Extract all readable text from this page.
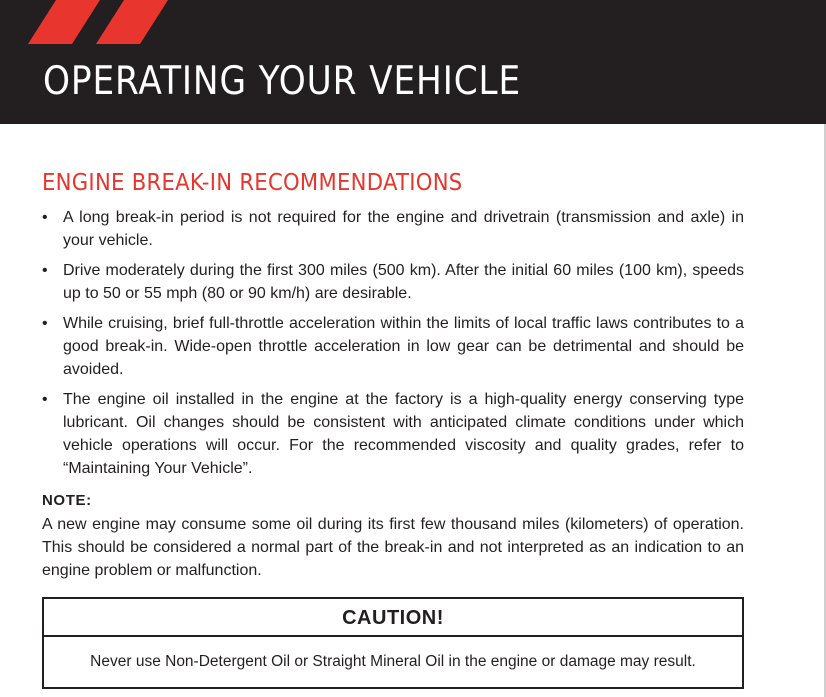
OPERATING YOUR VEHICLE
ENGINE BREAK-IN RECOMMENDATIONS
• A long break-in period is not required for the engine and drivetrain (transmission and axle) in your vehicle.
• Drive moderately during the first 300 miles (500 km). After the initial 60 miles (100 km), speeds up to 50 or 55 mph (80 or 90 km/h) are desirable.
• While cruising, brief full-throttle acceleration within the limits of local traffic laws contributes to a good break-in. Wide-open throttle acceleration in low gear can be detrimental and should be avoided.
• The engine oil installed in the engine at the factory is a high-quality energy conserving type lubricant. Oil changes should be consistent with anticipated climate conditions under which vehicle operations will occur. For the recommended viscosity and quality grades, refer to “Maintaining Your Vehicle”.
NOTE:

A new engine may consume some oil during its first few thousand miles (kilometers) of operation. This should be considered a normal part of the break-in and not interpreted as an indication to an engine problem or malfunction.

CAUTION!
Never use Non-Detergent Oil or Straight Mineral Oil in the engine or damage may result.
